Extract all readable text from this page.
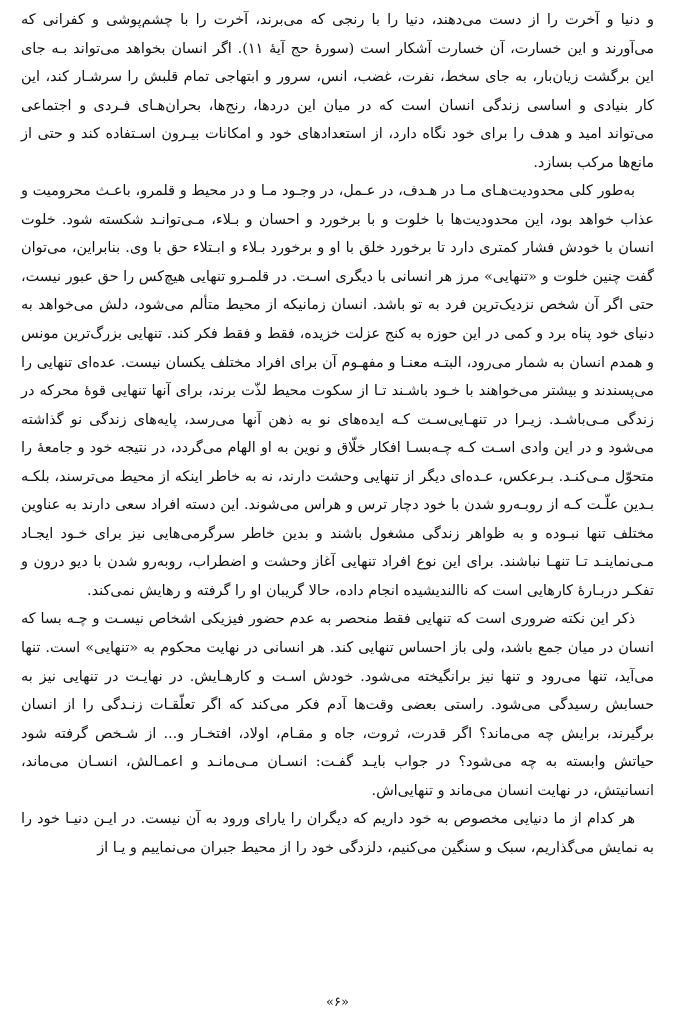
و دنیا و آخرت را از دست می‌دهند، دنیا را با رنجی که می‌برند، آخرت را با چشم‌پوشی و کفرانی که می‌آورند و این خسارت، آن خسارت آشکار است (سورهٔ حج آیهٔ ۱۱). اگر انسان بخواهد می‌تواند بـه جای این برگشت زیان‌بار، به جای سخط، نفرت، غضب، انس، سرور و ابتهاجی تمام قلبش را سرشـار کند، این کار بنیادی و اساسی زندگی انسان است که در میان این دردها، رنج‌ها، بحران‌هـای فـردی و اجتماعی می‌تواند امید و هدف را برای خود نگاه دارد، از استعدادهای خود و امکانات بیـرون اسـتفاده کند و حتی از مانع‌ها مرکب بسازد.

به‌طور کلی محدودیت‌هـای مـا در هـدف، در عـمل، در وجـود مـا و در محیط و قلمرو، باعـث محرومیت و عذاب خواهد بود، این محدودیت‌ها با خلوت و با برخورد و احسان و بـلاء، مـی‌توانـد شکسته شود. خلوت انسان با خودش فشار کمتری دارد تا برخورد خلق با او و برخورد بـلاء و ابـتلاء حق با وی. بنابراین، می‌توان گفت چنین خلوت و «تنهایی» مرز هر انسانی با دیگری اسـت. در قلمـرو تنهایی هیچ‌کس را حق عبور نیست، حتی اگر آن شخص نزدیک‌ترین فرد به تو باشد. انسان زمانیکه از محیط متألم می‌شود، دلش می‌خواهد به دنیای خود پناه برد و کمی در این حوزه به کنج عزلت خزیده، فقط و فقط فکر کند. تنهایی بزرگ‌ترین مونس و همدم انسان به شمار می‌رود، البتـه معنـا و مفهـوم آن برای افراد مختلف یکسان نیست. عده‌ای تنهایی را می‌پسندند و بیشتر می‌خواهند با خـود باشـند تـا از سکوت محیط لذّت برند، برای آنها تنهایی قوهٔ محرکه در زندگی مـی‌باشـد. زیـرا در تنهـایی‌سـت کـه ایده‌های نو به ذهن آنها می‌رسد، پایه‌های زندگی نو گذاشته می‌شود و در این وادی اسـت کـه چـه‌بسـا افکار خلّاق و نوین به او الهام می‌گردد، در نتیجه خود و جامعهٔ را متحوّل مـی‌کنـد. بـرعکس، عـده‌ای دیگر از تنهایی وحشت دارند، نه به خاطر اینکه از محیط می‌ترسند، بلکـه بـدین علّـت کـه از روبـه‌رو شدن با خود دچار ترس و هراس می‌شوند. این دسته افراد سعی دارند به عناوین مختلف تنها نبـوده و به ظواهر زندگی مشغول باشند و بدین خاطر سرگرمی‌هایی نیز برای خـود ایجـاد مـی‌نماینـد تـا تنهـا نباشند. برای این نوع افراد تنهایی آغاز وحشت و اضطراب، روبه‌رو شدن با دیو درون و تفکـر دربـارهٔ کارهایی است که ناالندیشیده انجام داده، حالا گریبان او را گرفته و رهایش نمی‌کند.

ذکر این نکته ضروری است که تنهایی فقط منحصر به عدم حضور فیزیکی اشخاص نیسـت و چـه بسا که انسان در میان جمع باشد، ولی باز احساس تنهایی کند. هر انسانی در نهایت محکوم به «تنهایی» است. تنها می‌آید، تنها می‌رود و تنها نیز برانگیخته می‌شود. خودش اسـت و کارهـایش. در نهایـت در تنهایی نیز به حسابش رسیدگی می‌شود. راستی بعضی وقت‌ها آدم فکر می‌کند که اگر تعلّقـات زنـدگی را از انسان برگیرند، برایش چه می‌ماند؟ اگر قدرت، ثروت، جاه و مقـام، اولاد، افتخـار و... از شـخص گرفته شود حیاتش وابسته به چه می‌شود؟ در جواب بایـد گفـت: انسـان مـی‌مانـد و اعمـالش، انسـان می‌ماند، انسانیتش، در نهایت انسان می‌ماند و تنهایی‌اش.

هر کدام از ما دنیایی مخصوص به خود داریم که دیگران را یارای ورود به آن نیست. در ایـن دنیـا خود را به نمایش می‌گذاریم، سبک و سنگین می‌کنیم، دلزدگی خود را از محیط جبران می‌نماییم و یـا از

«۶»
